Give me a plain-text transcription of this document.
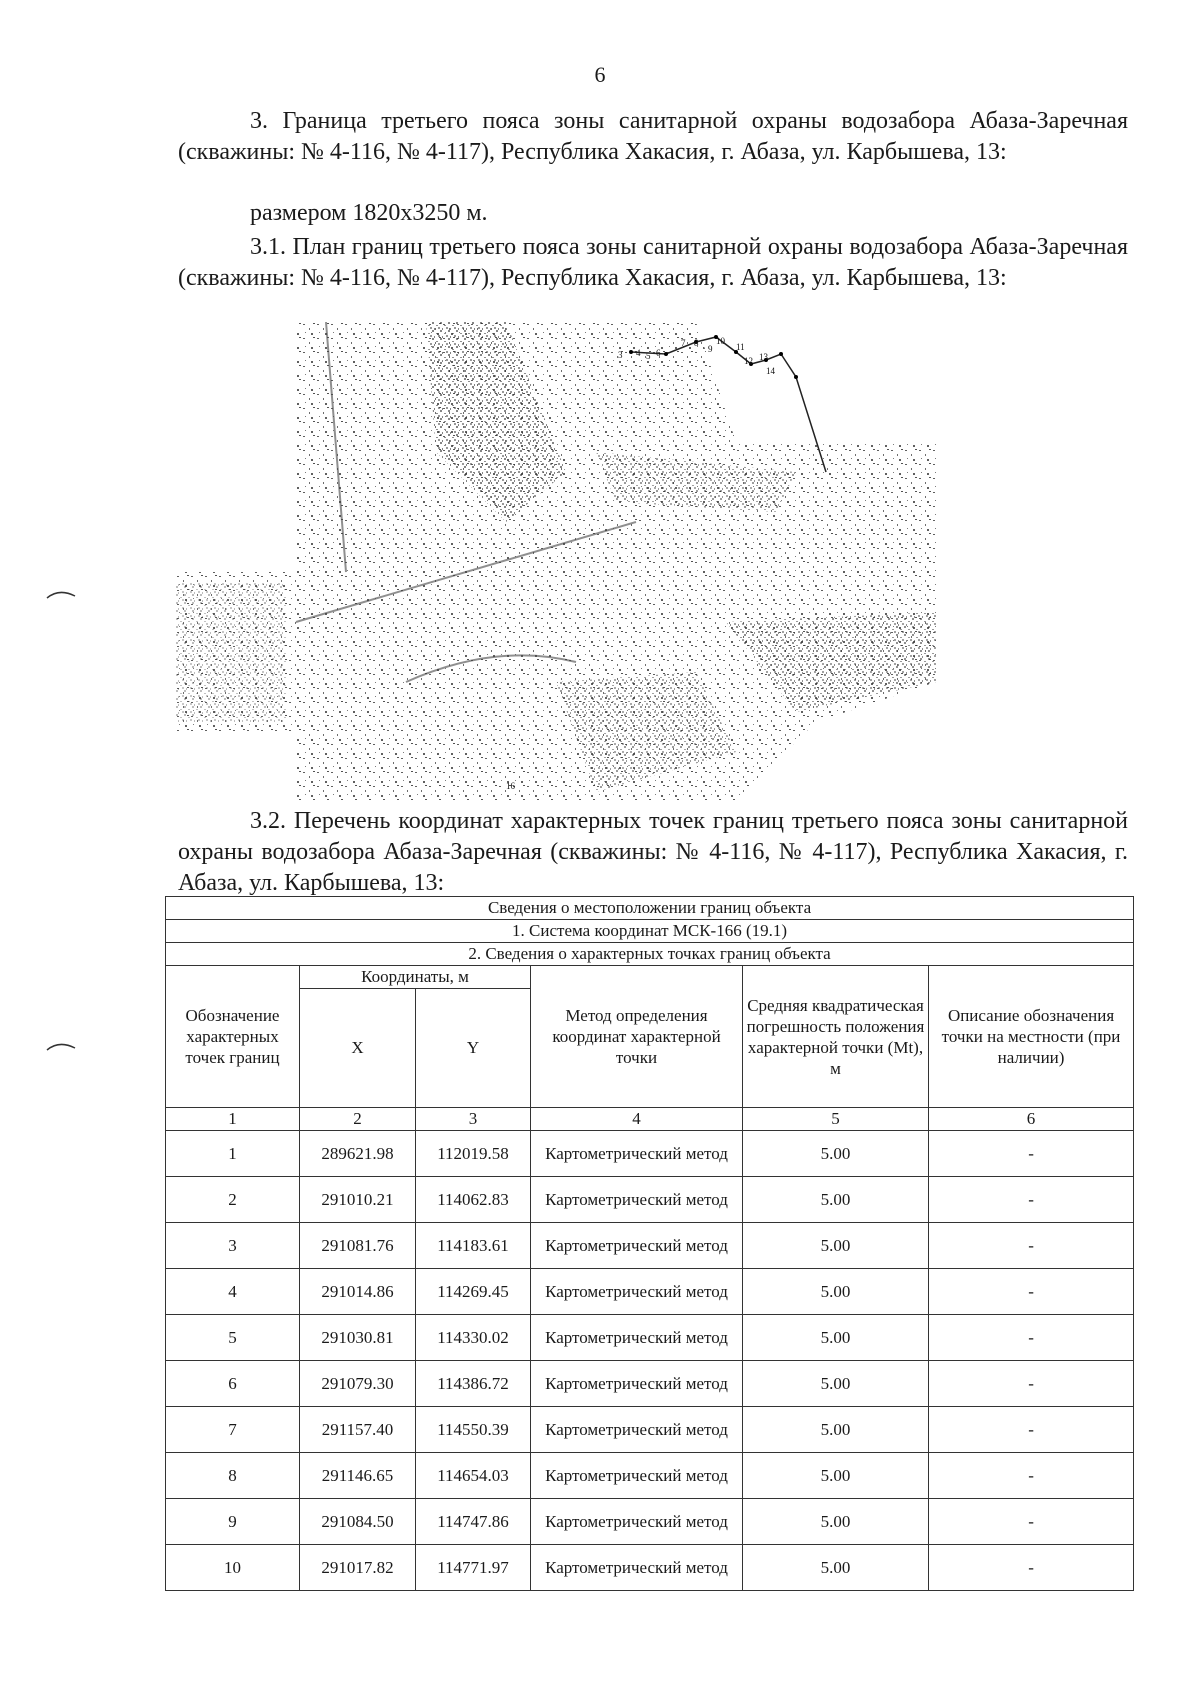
6

3. Граница третьего пояса зоны санитарной охраны водозабора Абаза-Заречная (скважины: № 4-116, № 4-117), Республика Хакасия, г. Абаза, ул. Карбышева, 13:

размером 1820х3250 м.

3.1. План границ третьего пояса зоны санитарной охраны водозабора Абаза-Заречная (скважины: № 4-116, № 4-117), Республика Хакасия, г. Абаза, ул. Карбышева, 13:

3 4 5 6
7 8
9
10
11
12 13
14
16

3.2. Перечень координат характерных точек границ третьего пояса зоны санитарной охраны водозабора Абаза-Заречная (скважины: № 4-116, № 4-117), Республика Хакасия, г. Абаза, ул. Карбышева, 13:

Сведения о местоположении границ объекта					
1. Система координат МСК-166 (19.1)					
2. Сведения о характерных точках границ объекта					
Обозначение характерных точек границ	Координаты, м		Метод определения координат характерной точки	Средняя квадратическая погрешность положения характерной точки (Mt), м	Описание обозначения точки на местности (при наличии)
	X	Y			
1	2	3	4	5	6
1	289621.98	112019.58	Картометрический метод	5.00	-
2	291010.21	114062.83	Картометрический метод	5.00	-
3	291081.76	114183.61	Картометрический метод	5.00	-
4	291014.86	114269.45	Картометрический метод	5.00	-
5	291030.81	114330.02	Картометрический метод	5.00	-
6	291079.30	114386.72	Картометрический метод	5.00	-
7	291157.40	114550.39	Картометрический метод	5.00	-
8	291146.65	114654.03	Картометрический метод	5.00	-
9	291084.50	114747.86	Картометрический метод	5.00	-
10	291017.82	114771.97	Картометрический метод	5.00	-
